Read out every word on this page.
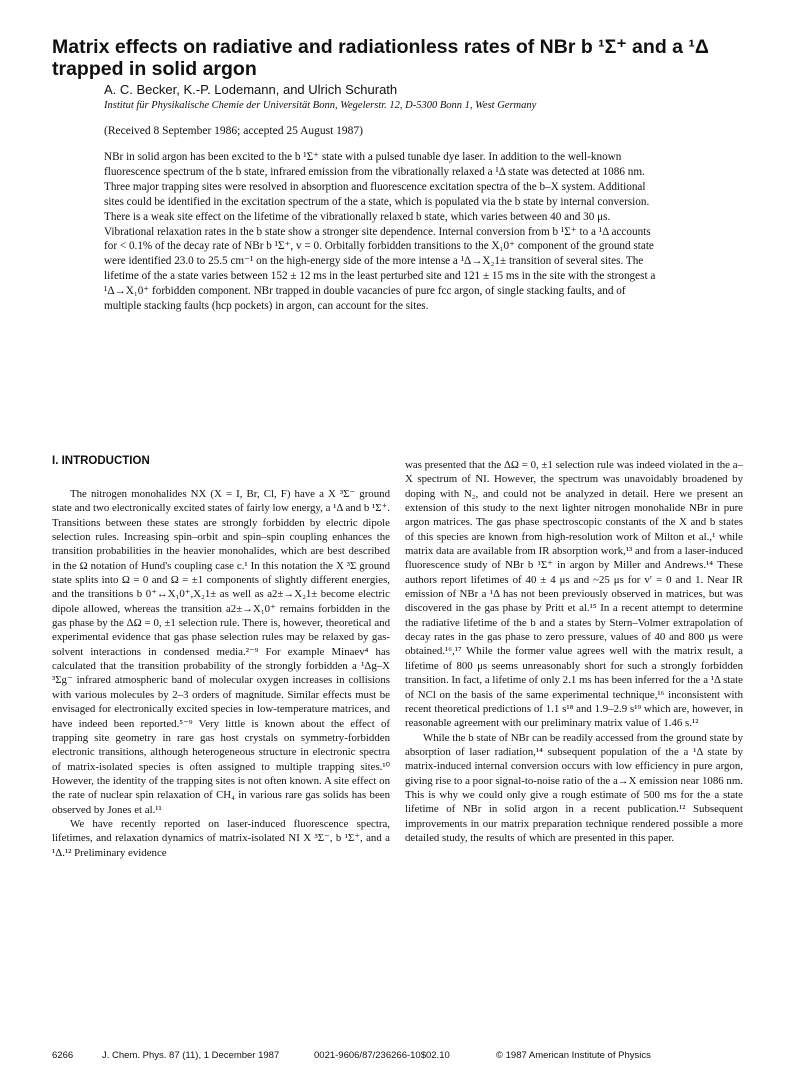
Matrix effects on radiative and radiationless rates of NBr b ¹Σ⁺ and a ¹Δ trapped in solid argon

A. C. Becker, K.-P. Lodemann, and Ulrich Schurath

Institut für Physikalische Chemie der Universität Bonn, Wegelerstr. 12, D-5300 Bonn 1, West Germany

(Received 8 September 1986; accepted 25 August 1987)

NBr in solid argon has been excited to the b ¹Σ⁺ state with a pulsed tunable dye laser. In addition to the well-known fluorescence spectrum of the b state, infrared emission from the vibrationally relaxed a ¹Δ state was detected at 1086 nm. Three major trapping sites were resolved in absorption and fluorescence excitation spectra of the b–X system. Additional sites could be identified in the excitation spectrum of the a state, which is populated via the b state by internal conversion. There is a weak site effect on the lifetime of the vibrationally relaxed b state, which varies between 40 and 30 μs. Vibrational relaxation rates in the b state show a stronger site dependence. Internal conversion from b ¹Σ⁺ to a ¹Δ accounts for < 0.1% of the decay rate of NBr b ¹Σ⁺, v = 0. Orbitally forbidden transitions to the X₁0⁺ component of the ground state were identified 23.0 to 25.5 cm⁻¹ on the high-energy side of the more intense a ¹Δ→X₂1± transition of several sites. The lifetime of the a state varies between 152 ± 12 ms in the least perturbed site and 121 ± 15 ms in the site with the strongest a ¹Δ→X₁0⁺ forbidden component. NBr trapped in double vacancies of pure fcc argon, of single stacking faults, and of multiple stacking faults (hcp pockets) in argon, can account for the sites.

I. INTRODUCTION

The nitrogen monohalides NX (X = I, Br, Cl, F) have a X ³Σ⁻ ground state and two electronically excited states of fairly low energy, a ¹Δ and b ¹Σ⁺. Transitions between these states are strongly forbidden by electric dipole selection rules. Increasing spin–orbit and spin–spin coupling enhances the transition probabilities in the heavier monohalides, which are best described in the Ω notation of Hund's coupling case c.¹ In this notation the X ³Σ ground state splits into Ω = 0 and Ω = ±1 components of slightly different energies, and the transitions b 0⁺↔X₁0⁺,X₂1± as well as a2±→X₂1± become electric dipole allowed, whereas the transition a2±→X₁0⁺ remains forbidden in the gas phase by the ΔΩ = 0, ±1 selection rule. There is, however, theoretical and experimental evidence that gas phase selection rules may be relaxed by gas-solvent interactions in condensed media.²⁻⁹ For example Minaev⁴ has calculated that the transition probability of the strongly forbidden a ¹Δg–X ³Σg⁻ infrared atmospheric band of molecular oxygen increases in collisions with various molecules by 2–3 orders of magnitude. Similar effects must be envisaged for electronically excited species in low-temperature matrices, and have indeed been reported.⁵⁻⁹ Very little is known about the effect of trapping site geometry in rare gas host crystals on symmetry-forbidden electronic transitions, although heterogeneous structure in electronic spectra of matrix-isolated species is often assigned to multiple trapping sites.¹⁰ However, the identity of the trapping sites is not often known. A site effect on the rate of nuclear spin relaxation of CH₄ in various rare gas solids has been observed by Jones et al.¹¹

We have recently reported on laser-induced fluorescence spectra, lifetimes, and relaxation dynamics of matrix-isolated NI X ³Σ⁻, b ¹Σ⁺, and a ¹Δ.¹² Preliminary evidence

was presented that the ΔΩ = 0, ±1 selection rule was indeed violated in the a–X spectrum of NI. However, the spectrum was unavoidably broadened by doping with N₂, and could not be analyzed in detail. Here we present an extension of this study to the next lighter nitrogen monohalide NBr in pure argon matrices. The gas phase spectroscopic constants of the X and b states of this species are known from high-resolution work of Milton et al.,¹ while matrix data are available from IR absorption work,¹³ and from a laser-induced fluorescence study of NBr b ¹Σ⁺ in argon by Miller and Andrews.¹⁴ These authors report lifetimes of 40 ± 4 μs and ~25 μs for v′ = 0 and 1. Near IR emission of NBr a ¹Δ has not been previously observed in matrices, but was discovered in the gas phase by Pritt et al.¹⁵ In a recent attempt to determine the radiative lifetime of the b and a states by Stern–Volmer extrapolation of decay rates in the gas phase to zero pressure, values of 40 and 800 μs were obtained.¹⁶,¹⁷ While the former value agrees well with the matrix result, a lifetime of 800 μs seems unreasonably short for such a strongly forbidden transition. In fact, a lifetime of only 2.1 ms has been inferred for the a ¹Δ state of NCl on the basis of the same experimental technique,¹⁶ inconsistent with recent theoretical predictions of 1.1 s¹⁸ and 1.9–2.9 s¹⁹ which are, however, in reasonable agreement with our preliminary matrix value of 1.46 s.¹²

While the b state of NBr can be readily accessed from the ground state by absorption of laser radiation,¹⁴ subsequent population of the a ¹Δ state by matrix-induced internal conversion occurs with low efficiency in pure argon, giving rise to a poor signal-to-noise ratio of the a→X emission near 1086 nm. This is why we could only give a rough estimate of 500 ms for the a state lifetime of NBr in solid argon in a recent publication.¹² Subsequent improvements in our matrix preparation technique rendered possible a more detailed study, the results of which are presented in this paper.

6266	J. Chem. Phys. 87 (11), 1 December 1987	0021-9606/87/236266-10$02.10	© 1987 American Institute of Physics
